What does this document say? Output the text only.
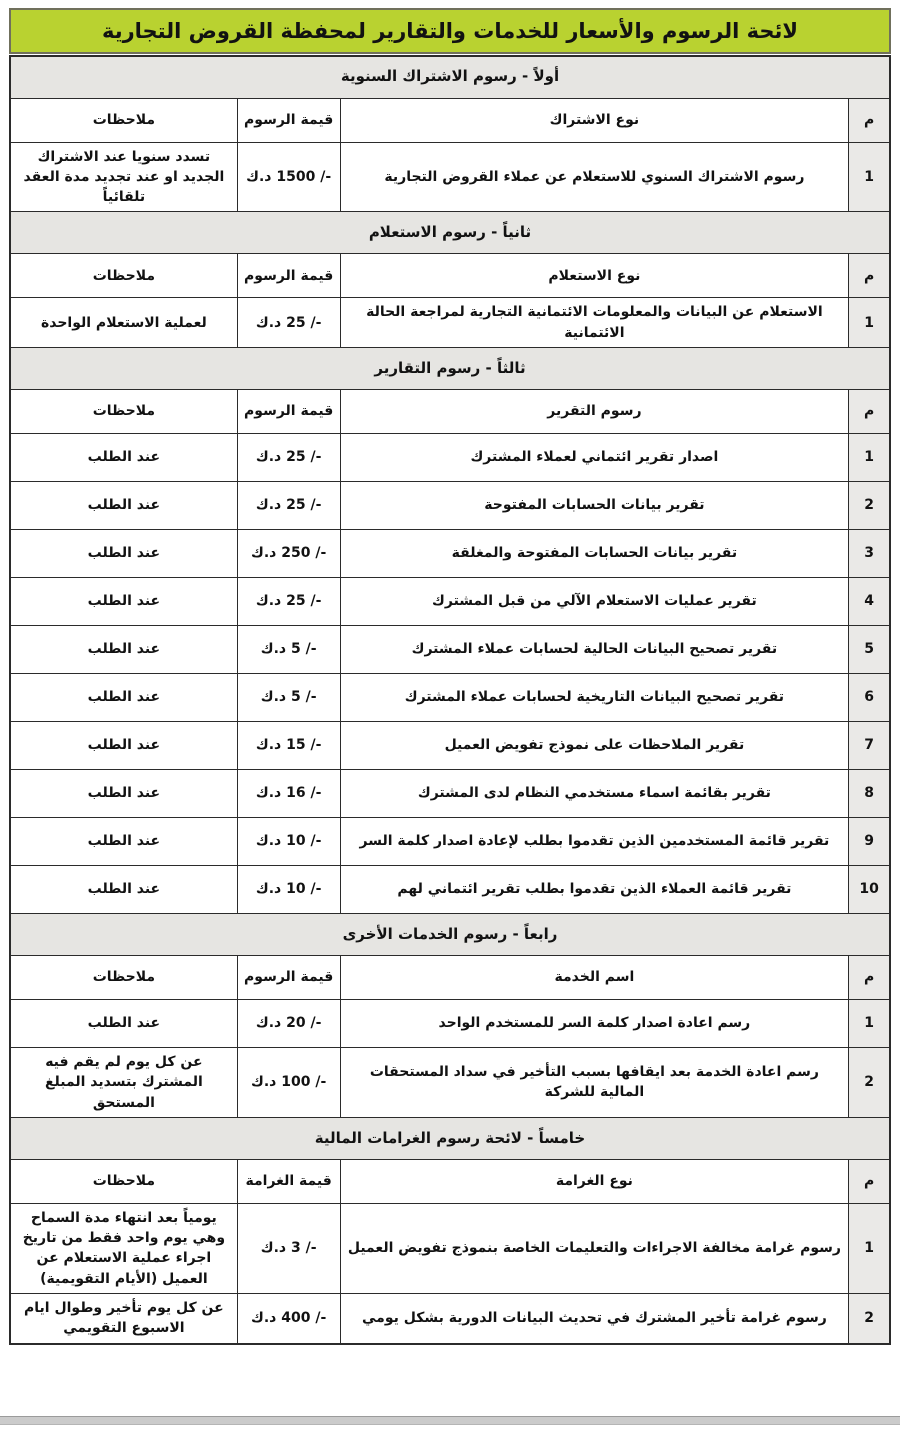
لائحة الرسوم والأسعار للخدمات والتقارير لمحفظة القروض التجارية
أولاً - رسوم الاشتراك السنوية			
م	نوع الاشتراك	قيمة الرسوم	ملاحظات
1	رسوم الاشتراك السنوي للاستعلام عن عملاء القروض التجارية	-/ 1500 د.ك	تسدد سنويا عند الاشتراك الجديد او عند تجديد مدة العقد تلقائياً
ثانياً - رسوم الاستعلام			
م	نوع الاستعلام	قيمة الرسوم	ملاحظات
1	الاستعلام عن البيانات والمعلومات الائتمانية التجارية لمراجعة الحالة الائتمانية	-/ 25 د.ك	لعملية الاستعلام الواحدة
ثالثاً - رسوم التقارير			
م	رسوم التقرير	قيمة الرسوم	ملاحظات
1	اصدار تقرير ائتماني لعملاء المشترك	-/ 25 د.ك	عند الطلب
2	تقرير بيانات الحسابات المفتوحة	-/ 25 د.ك	عند الطلب
3	تقرير بيانات الحسابات المفتوحة والمغلقة	-/ 250 د.ك	عند الطلب
4	تقرير عمليات الاستعلام الآلي من قبل المشترك	-/ 25 د.ك	عند الطلب
5	تقرير تصحيح البيانات الحالية لحسابات عملاء المشترك	-/ 5 د.ك	عند الطلب
6	تقرير تصحيح البيانات التاريخية لحسابات عملاء المشترك	-/ 5 د.ك	عند الطلب
7	تقرير الملاحظات على نموذج تفويض العميل	-/ 15 د.ك	عند الطلب
8	تقرير بقائمة اسماء مستخدمي النظام لدى المشترك	-/ 16 د.ك	عند الطلب
9	تقرير قائمة المستخدمين الذين تقدموا بطلب لإعادة اصدار كلمة السر	-/ 10 د.ك	عند الطلب
10	تقرير قائمة العملاء الذين تقدموا بطلب تقرير ائتماني لهم	-/ 10 د.ك	عند الطلب
رابعاً - رسوم الخدمات الأخرى			
م	اسم الخدمة	قيمة الرسوم	ملاحظات
1	رسم اعادة اصدار كلمة السر للمستخدم الواحد	-/ 20 د.ك	عند الطلب
2	رسم اعادة الخدمة بعد ايقافها بسبب التأخير في سداد المستحقات المالية للشركة	-/ 100 د.ك	عن كل يوم لم يقم فيه المشترك بتسديد المبلغ المستحق
خامساً - لائحة رسوم الغرامات المالية			
م	نوع الغرامة	قيمة الغرامة	ملاحظات
1	رسوم غرامة مخالفة الاجراءات والتعليمات الخاصة بنموذج تفويض العميل	-/ 3 د.ك	يومياً بعد انتهاء مدة السماح وهي يوم واحد فقط من تاريخ اجراء عملية الاستعلام عن العميل (الأيام التقويمية)
2	رسوم غرامة تأخير المشترك في تحديث البيانات الدورية بشكل يومي	-/ 400 د.ك	عن كل يوم تأخير وطوال ايام الاسبوع التقويمي
